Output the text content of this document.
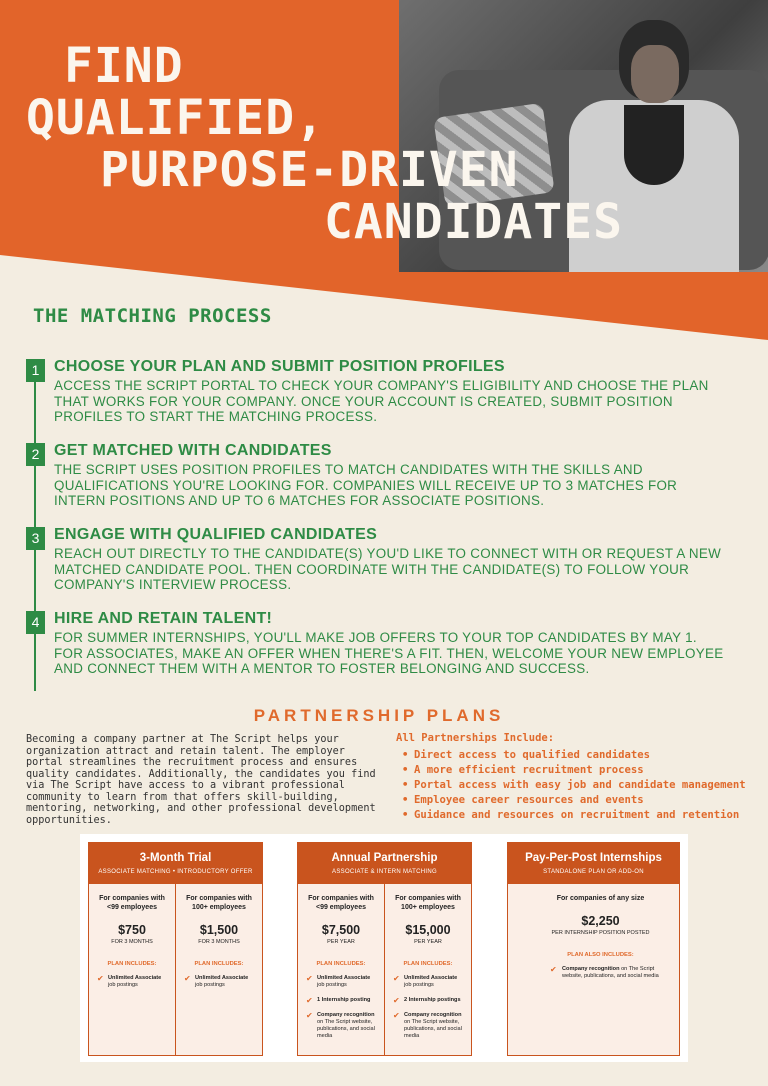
FIND
QUALIFIED,
PURPOSE-DRIVEN
CANDIDATES
THE MATCHING PROCESS
1 CHOOSE YOUR PLAN AND SUBMIT POSITION PROFILES
ACCESS THE SCRIPT PORTAL TO CHECK YOUR COMPANY'S ELIGIBILITY AND CHOOSE THE PLAN THAT WORKS FOR YOUR COMPANY. ONCE YOUR ACCOUNT IS CREATED, SUBMIT POSITION PROFILES TO START THE MATCHING PROCESS.
2 GET MATCHED WITH CANDIDATES
THE SCRIPT USES POSITION PROFILES TO MATCH CANDIDATES WITH THE SKILLS AND QUALIFICATIONS YOU'RE LOOKING FOR. COMPANIES WILL RECEIVE UP TO 3 MATCHES FOR INTERN POSITIONS AND UP TO 6 MATCHES FOR ASSOCIATE POSITIONS.
3 ENGAGE WITH QUALIFIED CANDIDATES
REACH OUT DIRECTLY TO THE CANDIDATE(S) YOU'D LIKE TO CONNECT WITH OR REQUEST A NEW MATCHED CANDIDATE POOL. THEN COORDINATE WITH THE CANDIDATE(S) TO FOLLOW YOUR COMPANY'S INTERVIEW PROCESS.
4 HIRE AND RETAIN TALENT!
FOR SUMMER INTERNSHIPS, YOU'LL MAKE JOB OFFERS TO YOUR TOP CANDIDATES BY MAY 1. FOR ASSOCIATES, MAKE AN OFFER WHEN THERE'S A FIT. THEN, WELCOME YOUR NEW EMPLOYEE AND CONNECT THEM WITH A MENTOR TO FOSTER BELONGING AND SUCCESS.
PARTNERSHIP PLANS

Becoming a company partner at The Script helps your organization attract and retain talent. The employer portal streamlines the recruitment process and ensures quality candidates. Additionally, the candidates you find via The Script have access to a vibrant professional community to learn from that offers skill-building, mentoring, networking, and other professional development opportunities.

All Partnerships Include:
• Direct access to qualified candidates
• A more efficient recruitment process
• Portal access with easy job and candidate management
• Employee career resources and events
• Guidance and resources on recruitment and retention
3-Month Trial
ASSOCIATE MATCHING • INTRODUCTORY OFFER
For companies with <99 employees
$750
FOR 3 MONTHS
PLAN INCLUDES:
✔ Unlimited Associate job postings
For companies with 100+ employees
$1,500
FOR 3 MONTHS
PLAN INCLUDES:
✔ Unlimited Associate job postings
Annual Partnership
ASSOCIATE & INTERN MATCHING
For companies with <99 employees
$7,500
PER YEAR
PLAN INCLUDES:
✔ Unlimited Associate job postings
✔ 1 Internship posting
✔ Company recognition on The Script website, publications, and social media
For companies with 100+ employees
$15,000
PER YEAR
PLAN INCLUDES:
✔ Unlimited Associate job postings
✔ 2 Internship postings
✔ Company recognition on The Script website, publications, and social media
Pay-Per-Post Internships
STANDALONE PLAN OR ADD-ON
For companies of any size
$2,250
PER INTERNSHIP POSITION POSTED
PLAN ALSO INCLUDES:
✔ Company recognition on The Script website, publications, and social media
